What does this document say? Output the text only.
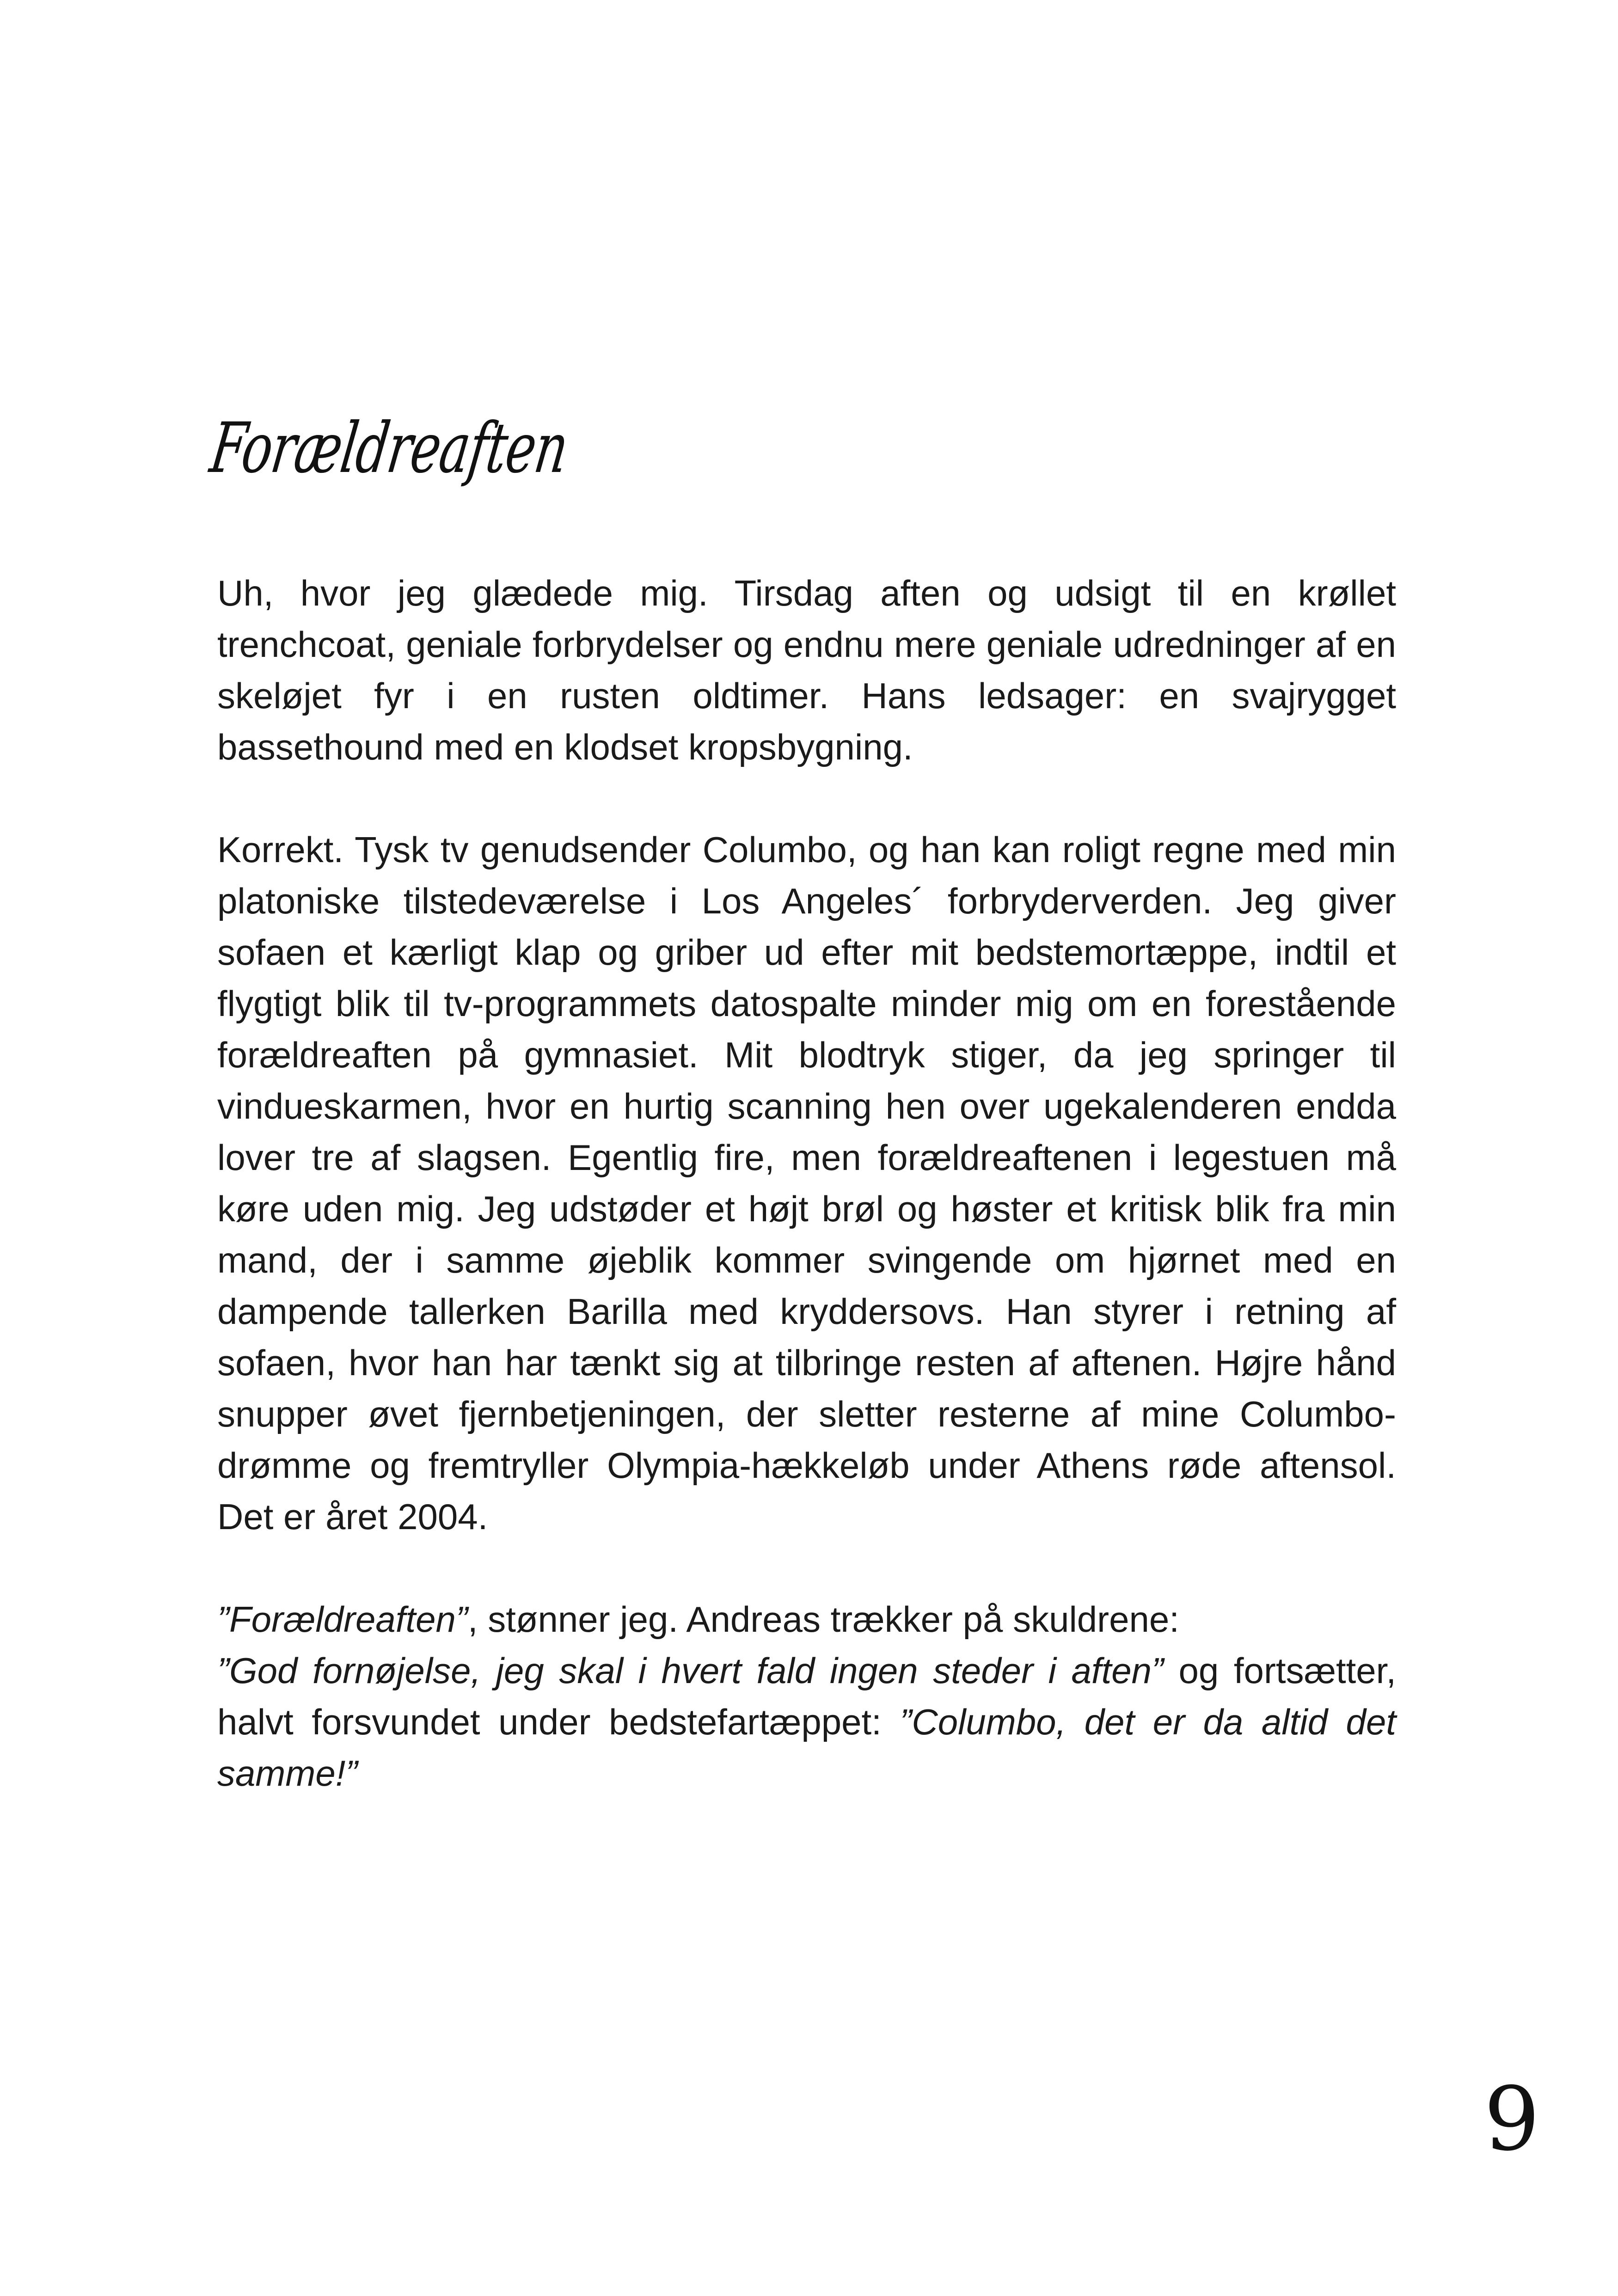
Forældreaften

Uh, hvor jeg glædede mig. Tirsdag aften og udsigt til en krøllet trenchcoat, geniale forbrydelser og endnu mere geniale udredninger af en skeløjet fyr i en rusten oldtimer. Hans ledsager: en svajrygget bassethound med en klodset kropsbygning.

Korrekt. Tysk tv genudsender Columbo, og han kan roligt regne med min platoniske tilstedeværelse i Los Angeles´ forbryderverden. Jeg giver sofaen et kærligt klap og griber ud efter mit bedstemortæppe, indtil et flygtigt blik til tv-programmets datospalte minder mig om en forestående forældreaften på gymnasiet. Mit blodtryk stiger, da jeg springer til vindueskarmen, hvor en hurtig scanning hen over ugekalenderen endda lover tre af slagsen. Egentlig fire, men forældreaftenen i legestuen må køre uden mig. Jeg udstøder et højt brøl og høster et kritisk blik fra min mand, der i samme øjeblik kommer svingende om hjørnet med en dampende tallerken Barilla med kryddersovs. Han styrer i retning af sofaen, hvor han har tænkt sig at tilbringe resten af aftenen. Højre hånd snupper øvet fjernbetjeningen, der sletter resterne af mine Columbo-drømme og fremtryller Olympia-hækkeløb under Athens røde aftensol. Det er året 2004.

”Forældreaften”, stønner jeg. Andreas trækker på skuldrene:

”God fornøjelse, jeg skal i hvert fald ingen steder i aften” og fortsætter, halvt forsvundet under bedstefartæppet: ”Columbo, det er da altid det samme!”

9
